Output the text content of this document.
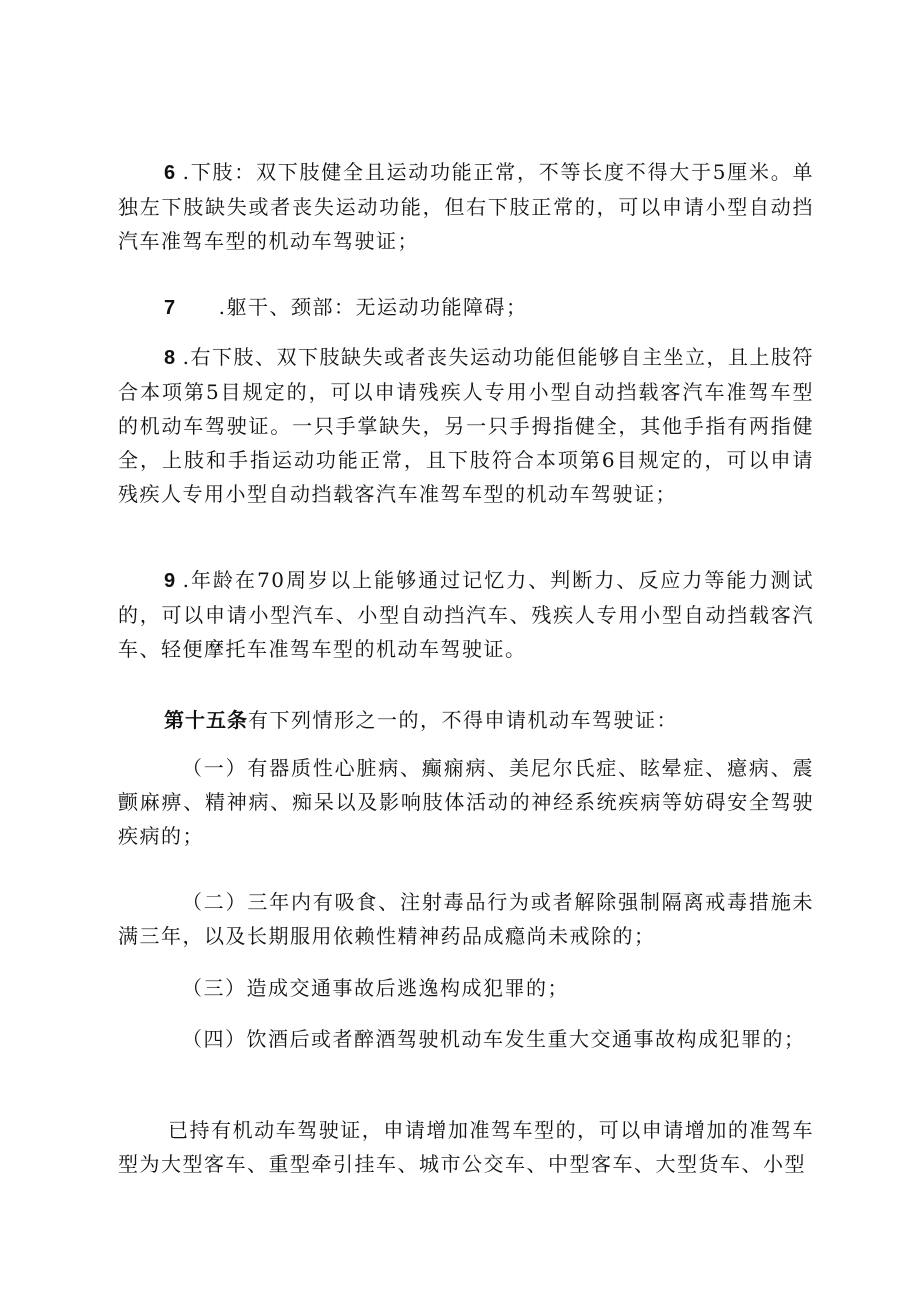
6 .下肢：双下肢健全且运动功能正常，不等长度不得大于5厘米。单独左下肢缺失或者丧失运动功能，但右下肢正常的，可以申请小型自动挡汽车准驾车型的机动车驾驶证；

7 .躯干、颈部：无运动功能障碍；

8 .右下肢、双下肢缺失或者丧失运动功能但能够自主坐立，且上肢符合本项第5目规定的，可以申请残疾人专用小型自动挡载客汽车准驾车型的机动车驾驶证。一只手掌缺失，另一只手拇指健全，其他手指有两指健全，上肢和手指运动功能正常，且下肢符合本项第6目规定的，可以申请残疾人专用小型自动挡载客汽车准驾车型的机动车驾驶证；

9 .年龄在70周岁以上能够通过记忆力、判断力、反应力等能力测试的，可以申请小型汽车、小型自动挡汽车、残疾人专用小型自动挡载客汽车、轻便摩托车准驾车型的机动车驾驶证。

第十五条有下列情形之一的，不得申请机动车驾驶证：

（一）有器质性心脏病、癫痫病、美尼尔氏症、眩晕症、癔病、震颤麻痹、精神病、痴呆以及影响肢体活动的神经系统疾病等妨碍安全驾驶疾病的；

（二）三年内有吸食、注射毒品行为或者解除强制隔离戒毒措施未满三年，以及长期服用依赖性精神药品成瘾尚未戒除的；

（三）造成交通事故后逃逸构成犯罪的；

（四）饮酒后或者醉酒驾驶机动车发生重大交通事故构成犯罪的；

已持有机动车驾驶证，申请增加准驾车型的，可以申请增加的准驾车型为大型客车、重型牵引挂车、城市公交车、中型客车、大型货车、小型
